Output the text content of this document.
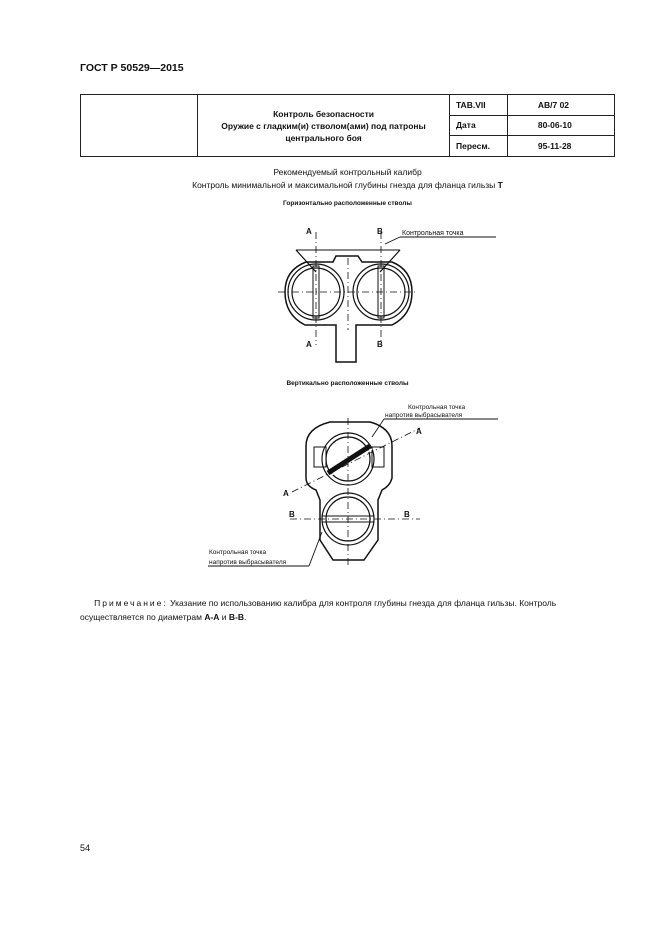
ГОСТ Р 50529—2015

	Контроль безопасности
Оружие с гладким(и) стволом(ами) под патроны
центрального боя	TAB.VII	AB/7 02
		Дата	80-06-10
		Пересм.	95-11-28
Рекомендуемый контрольный калибр
Контроль минимальной и максимальной глубины гнезда для фланца гильзы T
Горизонтально расположенные стволы
Вертикально расположенные стволы
A	B
A	B
Контрольная точка
Контрольная точка
напротив выбрасывателя
A
A
B	B
Контрольная точка
напротив выбрасывателя
Примечание: Указание по использованию калибра для контроля глубины гнезда для фланца гильзы. Контроль осуществляется по диаметрам A-A и B-B.
54
